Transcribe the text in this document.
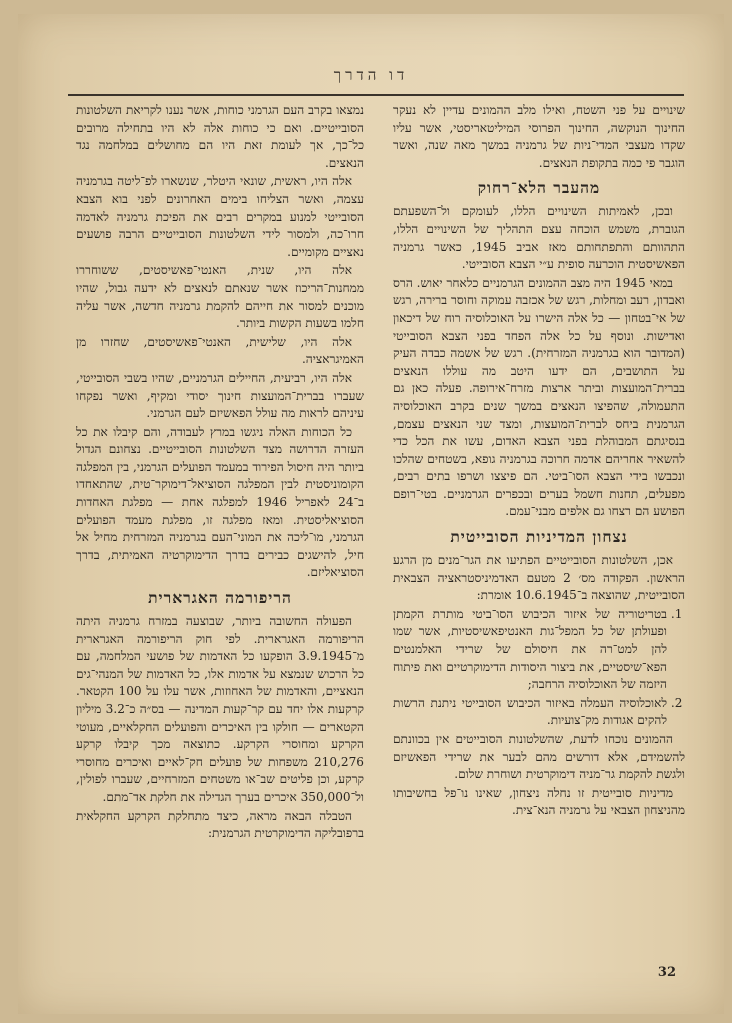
דו הדרך

שינויים על פני השטח, ואילו מלב ההמונים עדיין לא נעקר החינוך הנוקשה, החינוך הפרוסי המיליטאריסטי, אשר עליו שקדו מעצבי המדי־ניות של גרמניה במשך מאה שנה, ואשר הוגבר פי כמה בתקופת הנאצים.

מהעבר הלא־רחוק

ובכן, לאמיתות השינויים הללו, לעומקם ול־השפעתם הגוברת, משמש הוכחה עצם התהליך של השינויים הללו, התהוותם והתפתחותם מאז אביב 1945, כאשר גרמניה הפאשיסטית הוכרעה סופית ע״י הצבא הסובייטי.

במאי 1945 היה מצב ההמונים הגרמניים כלאחר יאוש. הרס ואבדון, רעב ומחלות, רגש של אכזבה עמוקה וחוסר ברירה, רגש של אי־בטחון — כל אלה הישרו על האוכלוסיה רוח של דיכאון ואדישות. ונוסף על כל אלה הפחד בפני הצבא הסובייטי (המדובר הוא בגרמניה המזרחית). רגש של אשמה כבדה העיק על התושבים, הם ידעו היטב מה עוללו הנאצים בברית־המועצות וביתר ארצות מזרח־אירופה. פעלה כאן גם התעמולה, שהפיצו הנאצים במשך שנים בקרב האוכלוסיה הגרמנית ביחס לברית־המועצות, ומצד שני הנאצים עצמם, בנסיגתם המבוהלת בפני הצבא האדום, עשו את הכל כדי להשאיר אחריהם אדמה חרוכה בגרמניה גופא, בשטחים שהלכו ונכבשו בידי הצבא הסו־ביטי. הם פיצצו ושרפו בתים רבים, מפעלים, תחנות חשמל בערים ובכפרים הגרמניים. בטי־רופם הפושע הם רצחו גם אלפים מבני־עמם.

נצחון המדיניות הסובייטית

אכן, השלטונות הסובייטיים הפתיעו את הגר־מנים מן הרגע הראשון. הפקודה מס׳ 2 מטעם האדמיניסטראציה הצבאית הסובייטית, שהוצאה ב־10.6.1945 אומרת:

1. בטריטוריה של איזור הכיבוש הסו־ביטי מותרת הקמתן ופעולתן של כל המפל־גות האנטיפאשיסטיות, אשר שמו להן למט־רה את חיסולם של שרידי האלמנטים הפא־שיסטיים, את ביצור היסודות הדימוקרטיים ואת פיתוח היזמה של האוכלוסיה הרחבה;
2. לאוכלוסיה העמלה באיזור הכיבוש הסובייטי ניתנת הרשות להקים אגודות מק־צועיות.

ההמונים נוכחו לדעת, שהשלטונות הסובייטים אין בכוונתם להשמידם, אלא דורשים מהם לבער את שרידי הפאשיזם ולגשת להקמת גר־מניה דימוקרטית ושוחרת שלום.

מדיניות סובייטית זו נחלה ניצחון, שאינו נו־פל בחשיבותו מהניצחון הצבאי על גרמניה הנא־צית.

נמצאו בקרב העם הגרמני כוחות, אשר נענו לקריאת השלטונות הסובייטיים. ואם כי כוחות אלה לא היו בתחילה מרובים כל־כך, אך לעומת זאת היו הם מחושלים במלחמה נגד הנאצים.

אלה היו, ראשית, שונאי היטלר, שנשארו לפ־ליטה בגרמניה עצמה, ואשר הצליחו בימים האחרונים לפני בוא הצבא הסובייטי למנוע במקרים רבים את הפיכת גרמניה לאדמה חרו־כה, ולמסור לידי השלטונות הסובייטיים הרבה פושעים נאציים מקומיים.

אלה היו, שנית, האנטי־פאשיסטים, ששוחררו ממחנות־הריכוז אשר שנאתם לנאצים לא ידעה גבול, שהיו מוכנים למסור את חייהם להקמת גרמניה חדשה, אשר עליה חלמו בשעות הקשות ביותר.

אלה היו, שלישית, האנטי־פאשיסטים, שחזרו מן האמיגראציה.

אלה היו, רביעית, החיילים הגרמניים, שהיו בשבי הסובייטי, שעברו בברית־המועצות חינוך יסודי ומקיף, ואשר נפקחו עיניהם לראות מה עולל הפאשיזם לעם הגרמני.

כל הכוחות האלה ניגשו במרץ לעבודה, והם קיבלו את כל העזרה הדרושה מצד השלטונות הסובייטיים. נצחונם הגדול ביותר היה חיסול הפירוד במעמד הפועלים הגרמני, בין המפלגה הקומוניסטית לבין המפלגה הסוציאל־דימוקר־טית, שהתאחדו ב־24 לאפריל 1946 למפלגה אחת — מפלגת האחדות הסוציאליסטית. ומאז מפלגה זו, מפלגת מעמד הפועלים הגרמני, מו־ליכה את המוני־העם בגרמניה המזרחית מחיל אל חיל, להישגים כבירים בדרך הדימוקרטיה האמיתית, בדרך הסוציאליזם.

הריפורמה האגרארית

הפעולה החשובה ביותר, שבוצעה במזרח גרמניה היתה הריפורמה האגרארית. לפי חוק הריפורמה האגרארית מ־3.9.1945 הופקעו כל האדמות של פושעי המלחמה, עם כל הרכוש שנמצא על אדמות אלו, כל האדמות של המנהי־גים הנאציים, והאדמות של האחוזות, אשר עלו על 100 הקטאר. קרקעות אלו יחד עם קר־קעות המדינה — בס״ה כ־3.2 מיליון הקטארים — חולקו בין האיכרים והפועלים החקלאיים, מעוטי הקרקע ומחוסרי הקרקע. כתוצאה מכך קיבלו קרקע 210,276 משפחות של פועלים חק־לאיים ואיכרים מחוסרי קרקע, וכן פליטים שב־או משטחים המזרחיים, שעברו לפולין, ול־350,000 איכרים בערך הגדילה את חלקת אד־מתם.

הטבלה הבאה מראה, כיצד מתחלקת הקרקע החקלאית ברפובליקה הדימוקרטית הגרמנית:

32
